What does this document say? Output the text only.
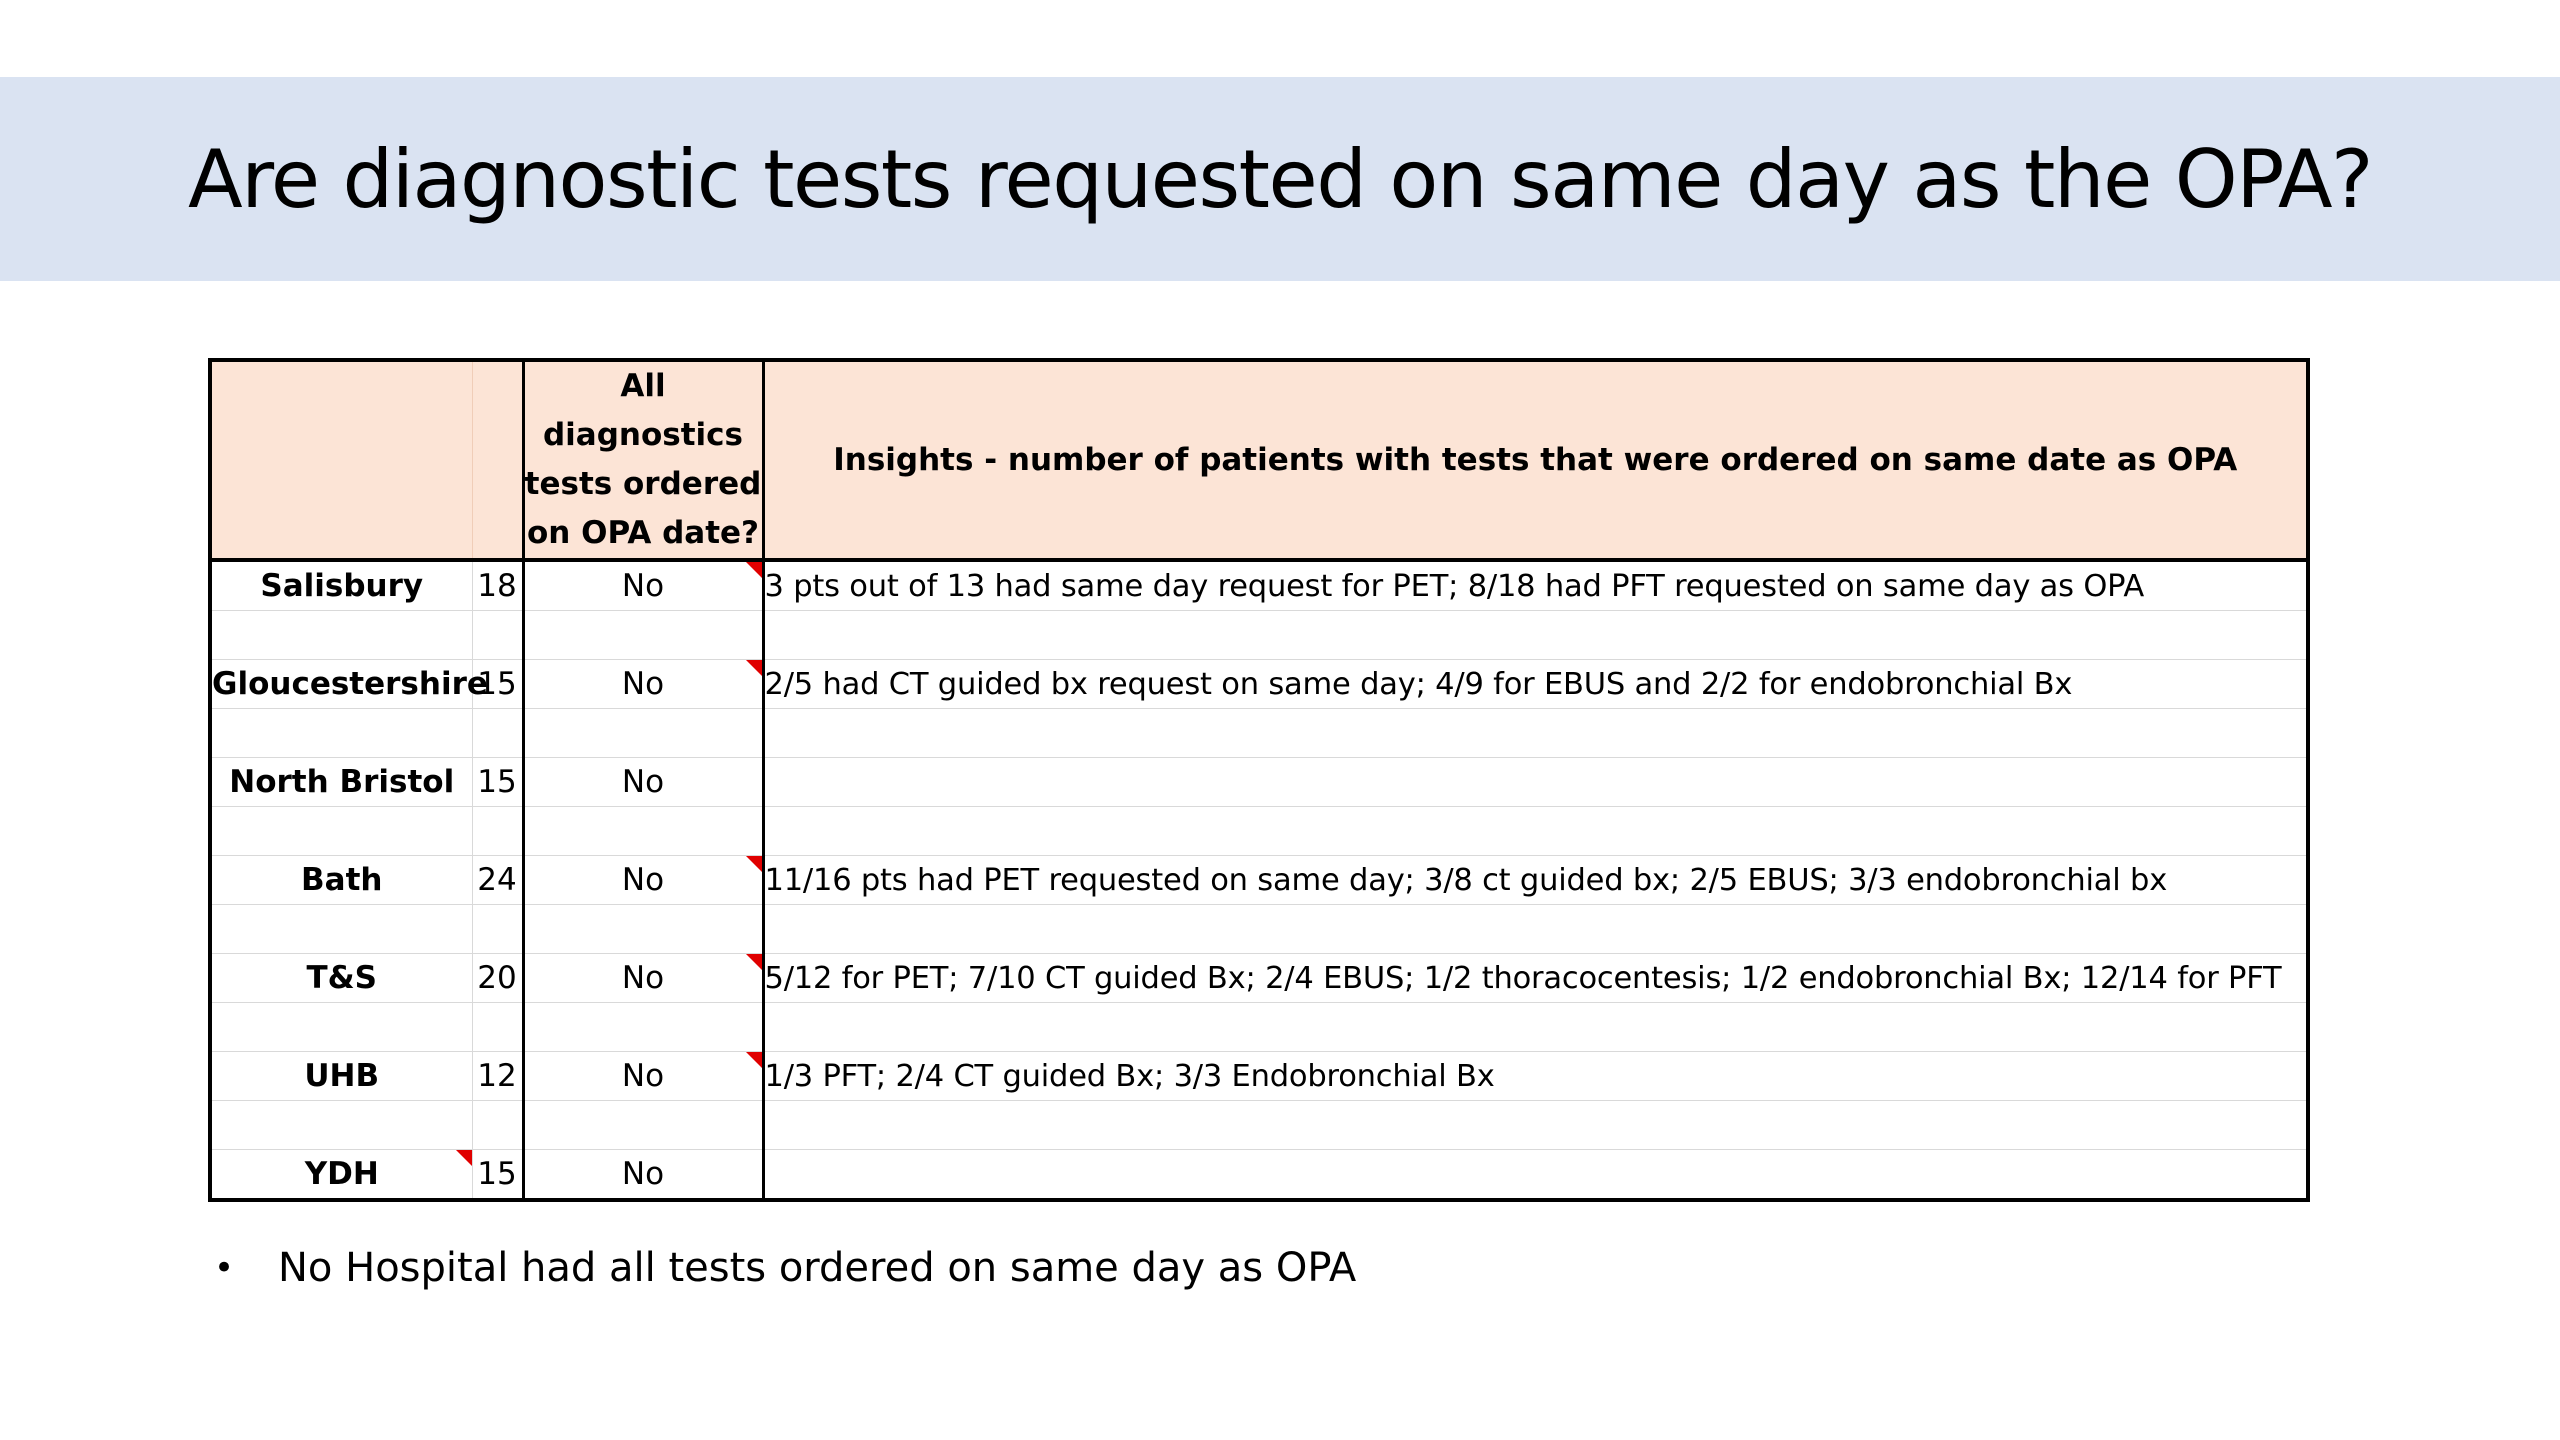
Are diagnostic tests requested on same day as the OPA?

		All diagnostics
tests ordered
on OPA date?	Insights - number of patients with tests that were ordered on same date as OPA
Salisbury	18	No	3 pts out of 13 had same day request for PET; 8/18 had PFT requested on same day as OPA

Gloucestershire	15	No	2/5 had CT guided bx request on same day; 4/9 for EBUS and 2/2 for endobronchial Bx

North Bristol	15	No	

Bath	24	No	11/16 pts had PET requested on same day; 3/8 ct guided bx; 2/5 EBUS; 3/3 endobronchial bx

T&S	20	No	5/12 for PET; 7/10 CT guided Bx; 2/4 EBUS; 1/2 thoracocentesis; 1/2 endobronchial Bx; 12/14 for PFT

UHB	12	No	1/3 PFT; 2/4 CT guided Bx; 3/3 Endobronchial Bx

YDH	15	No	
•	No Hospital had all tests ordered on same day as OPA
